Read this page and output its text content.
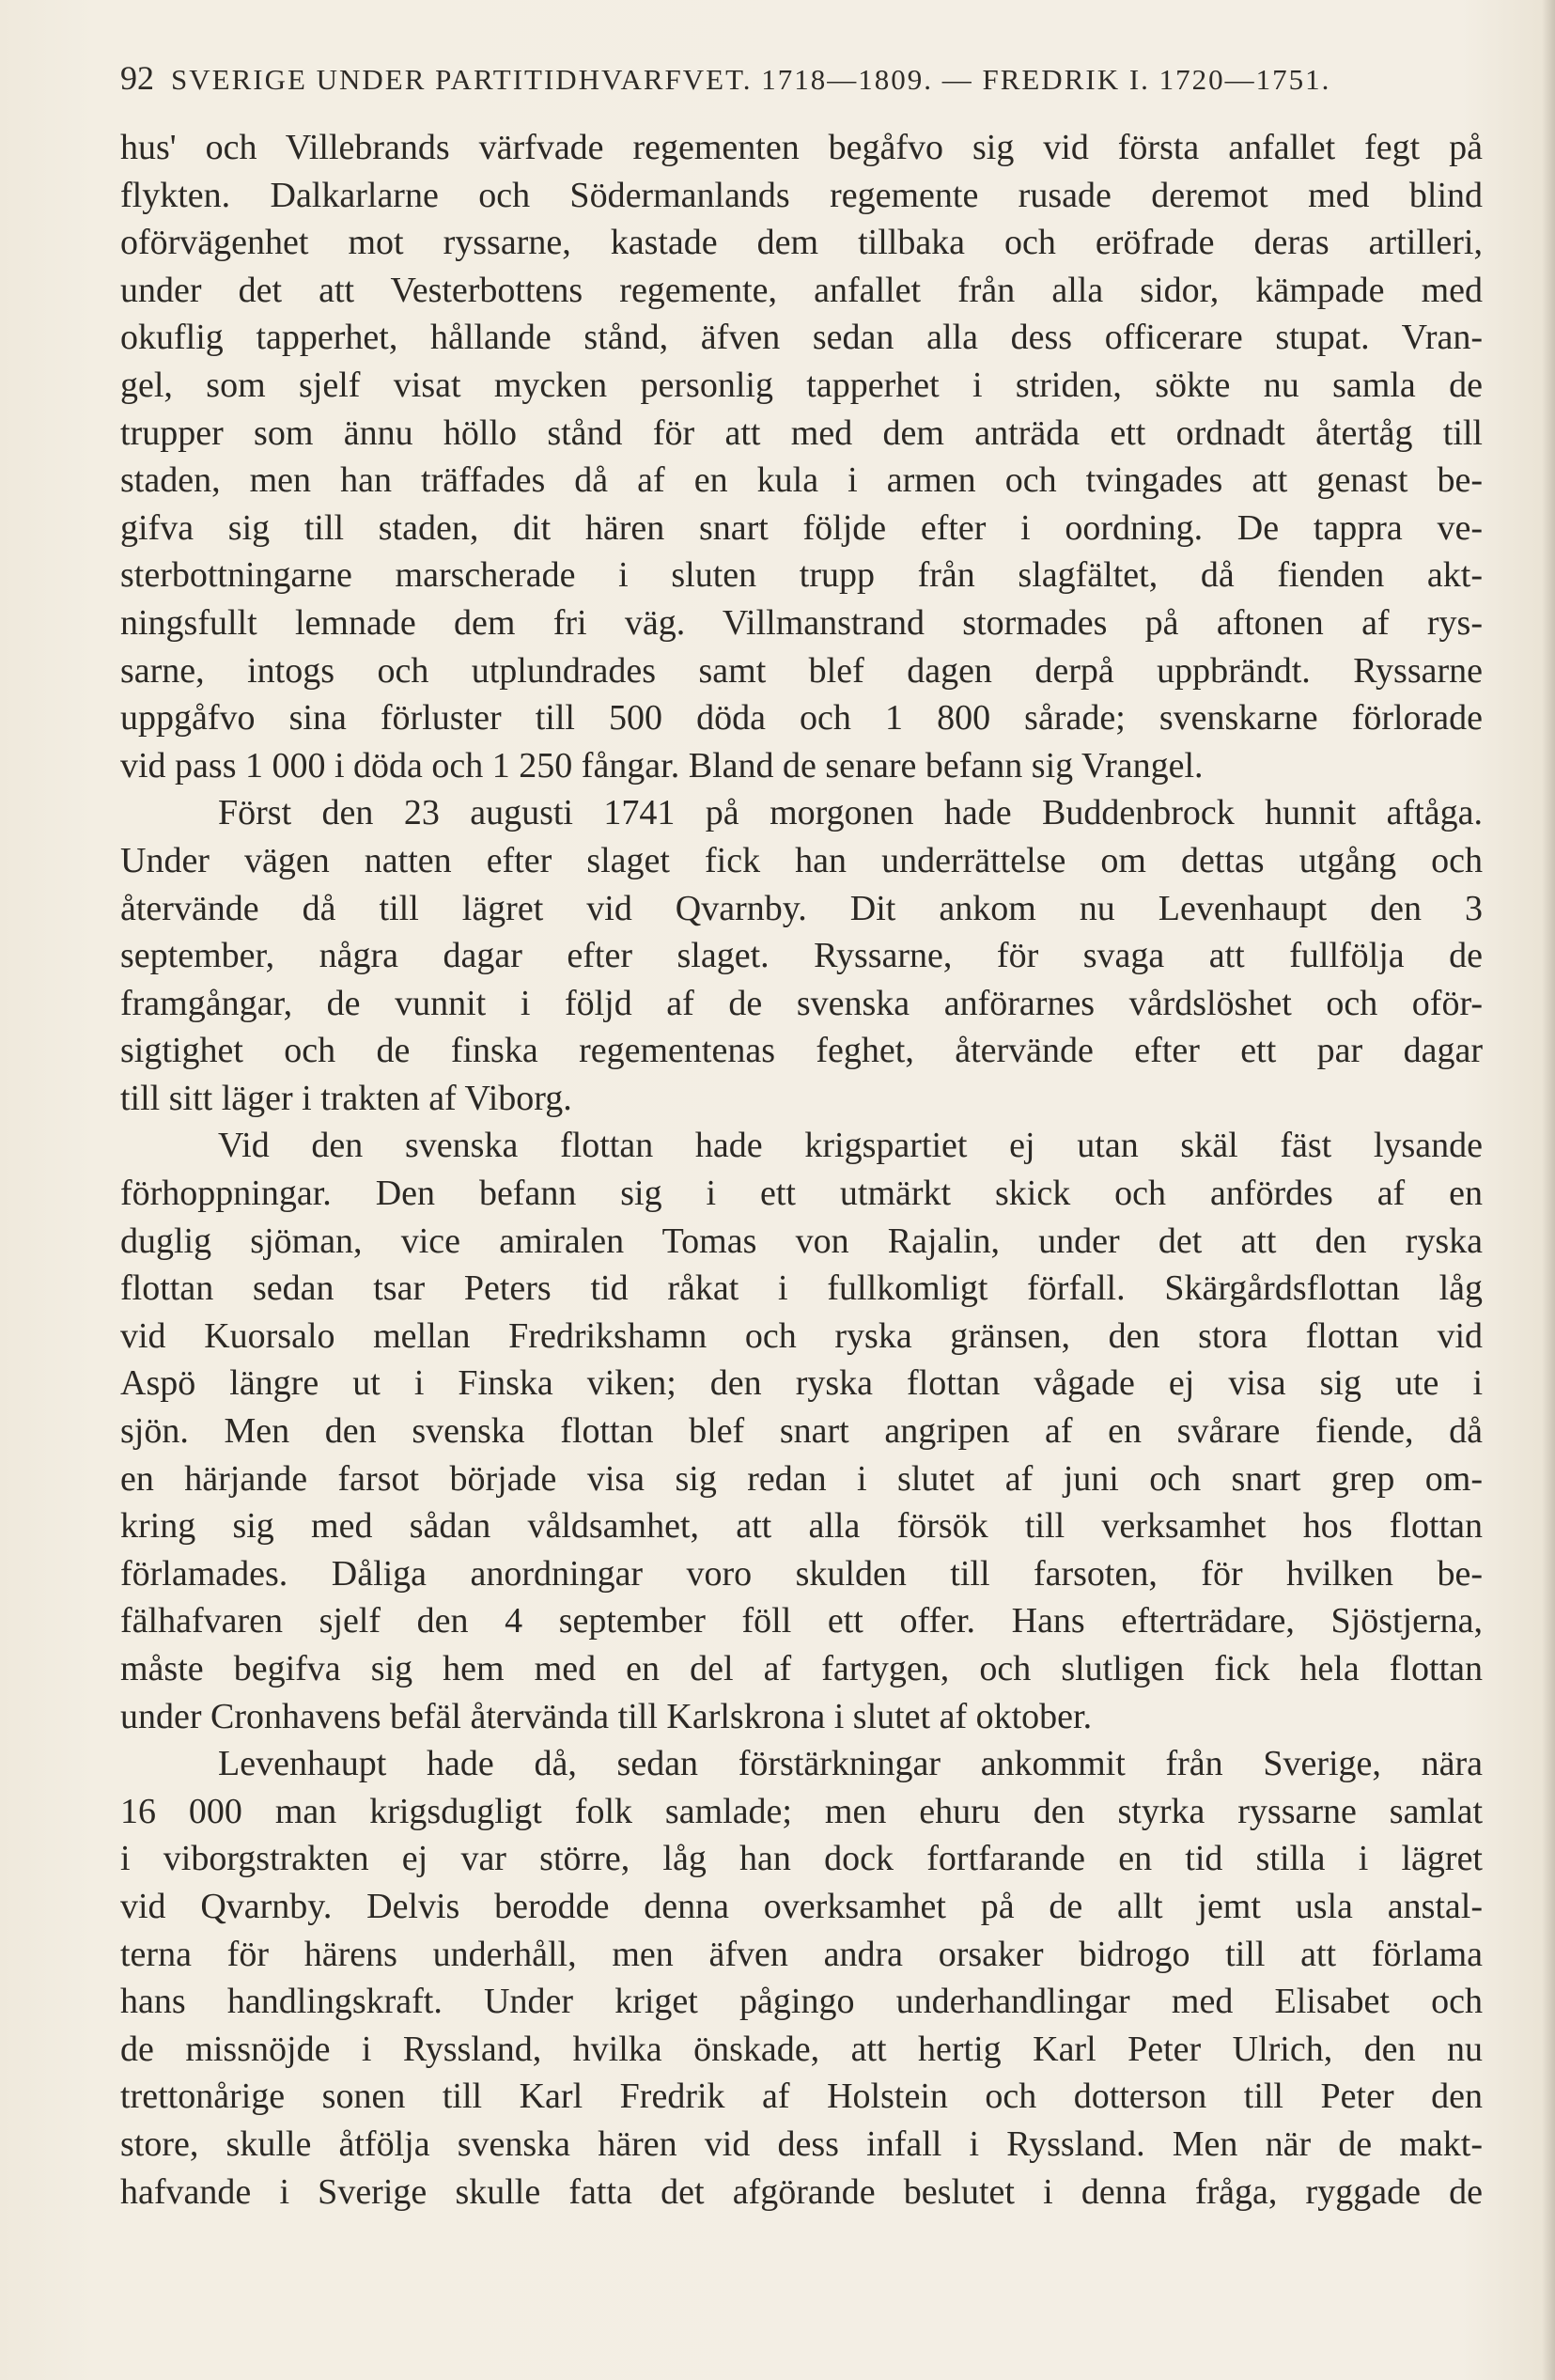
92 SVERIGE UNDER PARTITIDHVARFVET. 1718—1809. — FREDRIK I. 1720—1751.
hus' och Villebrands värfvade regementen begåfvo sig vid första anfallet fegt på
flykten. Dalkarlarne och Södermanlands regemente rusade deremot med blind
oförvägenhet mot ryssarne, kastade dem tillbaka och eröfrade deras artilleri,
under det att Vesterbottens regemente, anfallet från alla sidor, kämpade med
okuflig tapperhet, hållande stånd, äfven sedan alla dess officerare stupat. Vran-
gel, som sjelf visat mycken personlig tapperhet i striden, sökte nu samla de
trupper som ännu höllo stånd för att med dem anträda ett ordnadt återtåg till
staden, men han träffades då af en kula i armen och tvingades att genast be-
gifva sig till staden, dit hären snart följde efter i oordning. De tappra ve-
sterbottningarne marscherade i sluten trupp från slagfältet, då fienden akt-
ningsfullt lemnade dem fri väg. Villmanstrand stormades på aftonen af rys-
sarne, intogs och utplundrades samt blef dagen derpå uppbrändt. Ryssarne
uppgåfvo sina förluster till 500 döda och 1 800 sårade; svenskarne förlorade
vid pass 1 000 i döda och 1 250 fångar. Bland de senare befann sig Vrangel.
Först den 23 augusti 1741 på morgonen hade Buddenbrock hunnit aftåga.
Under vägen natten efter slaget fick han underrättelse om dettas utgång och
återvände då till lägret vid Qvarnby. Dit ankom nu Levenhaupt den 3
september, några dagar efter slaget. Ryssarne, för svaga att fullfölja de
framgångar, de vunnit i följd af de svenska anförarnes vårdslöshet och oför-
sigtighet och de finska regementenas feghet, återvände efter ett par dagar
till sitt läger i trakten af Viborg.
Vid den svenska flottan hade krigspartiet ej utan skäl fäst lysande
förhoppningar. Den befann sig i ett utmärkt skick och anfördes af en
duglig sjöman, vice amiralen Tomas von Rajalin, under det att den ryska
flottan sedan tsar Peters tid råkat i fullkomligt förfall. Skärgårdsflottan låg
vid Kuorsalo mellan Fredrikshamn och ryska gränsen, den stora flottan vid
Aspö längre ut i Finska viken; den ryska flottan vågade ej visa sig ute i
sjön. Men den svenska flottan blef snart angripen af en svårare fiende, då
en härjande farsot började visa sig redan i slutet af juni och snart grep om-
kring sig med sådan våldsamhet, att alla försök till verksamhet hos flottan
förlamades. Dåliga anordningar voro skulden till farsoten, för hvilken be-
fälhafvaren sjelf den 4 september föll ett offer. Hans efterträdare, Sjöstjerna,
måste begifva sig hem med en del af fartygen, och slutligen fick hela flottan
under Cronhavens befäl återvända till Karlskrona i slutet af oktober.
Levenhaupt hade då, sedan förstärkningar ankommit från Sverige, nära
16 000 man krigsdugligt folk samlade; men ehuru den styrka ryssarne samlat
i viborgstrakten ej var större, låg han dock fortfarande en tid stilla i lägret
vid Qvarnby. Delvis berodde denna overksamhet på de allt jemt usla anstal-
terna för härens underhåll, men äfven andra orsaker bidrogo till att förlama
hans handlingskraft. Under kriget pågingo underhandlingar med Elisabet och
de missnöjde i Ryssland, hvilka önskade, att hertig Karl Peter Ulrich, den nu
trettonårige sonen till Karl Fredrik af Holstein och dotterson till Peter den
store, skulle åtfölja svenska hären vid dess infall i Ryssland. Men när de makt-
hafvande i Sverige skulle fatta det afgörande beslutet i denna fråga, ryggade de
